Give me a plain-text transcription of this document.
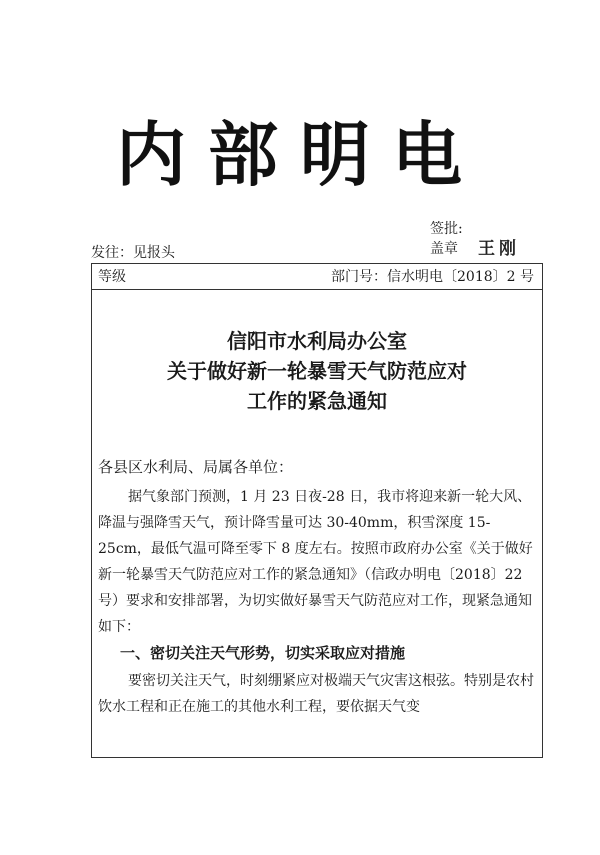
内部明电
签批:
盖章 王刚
发往：见报头
等级	部门号：信水明电〔2018〕2 号
信阳市水利局办公室
关于做好新一轮暴雪天气防范应对
工作的紧急通知

各县区水利局、局属各单位：

据气象部门预测，1 月 23 日夜-28 日，我市将迎来新一轮大风、降温与强降雪天气，预计降雪量可达 30-40mm，积雪深度 15-25cm，最低气温可降至零下 8 度左右。按照市政府办公室《关于做好新一轮暴雪天气防范应对工作的紧急通知》（信政办明电〔2018〕22 号）要求和安排部署，为切实做好暴雪天气防范应对工作，现紧急通知如下：

一、密切关注天气形势，切实采取应对措施

要密切关注天气，时刻绷紧应对极端天气灾害这根弦。特别是农村饮水工程和正在施工的其他水利工程，要依据天气变
